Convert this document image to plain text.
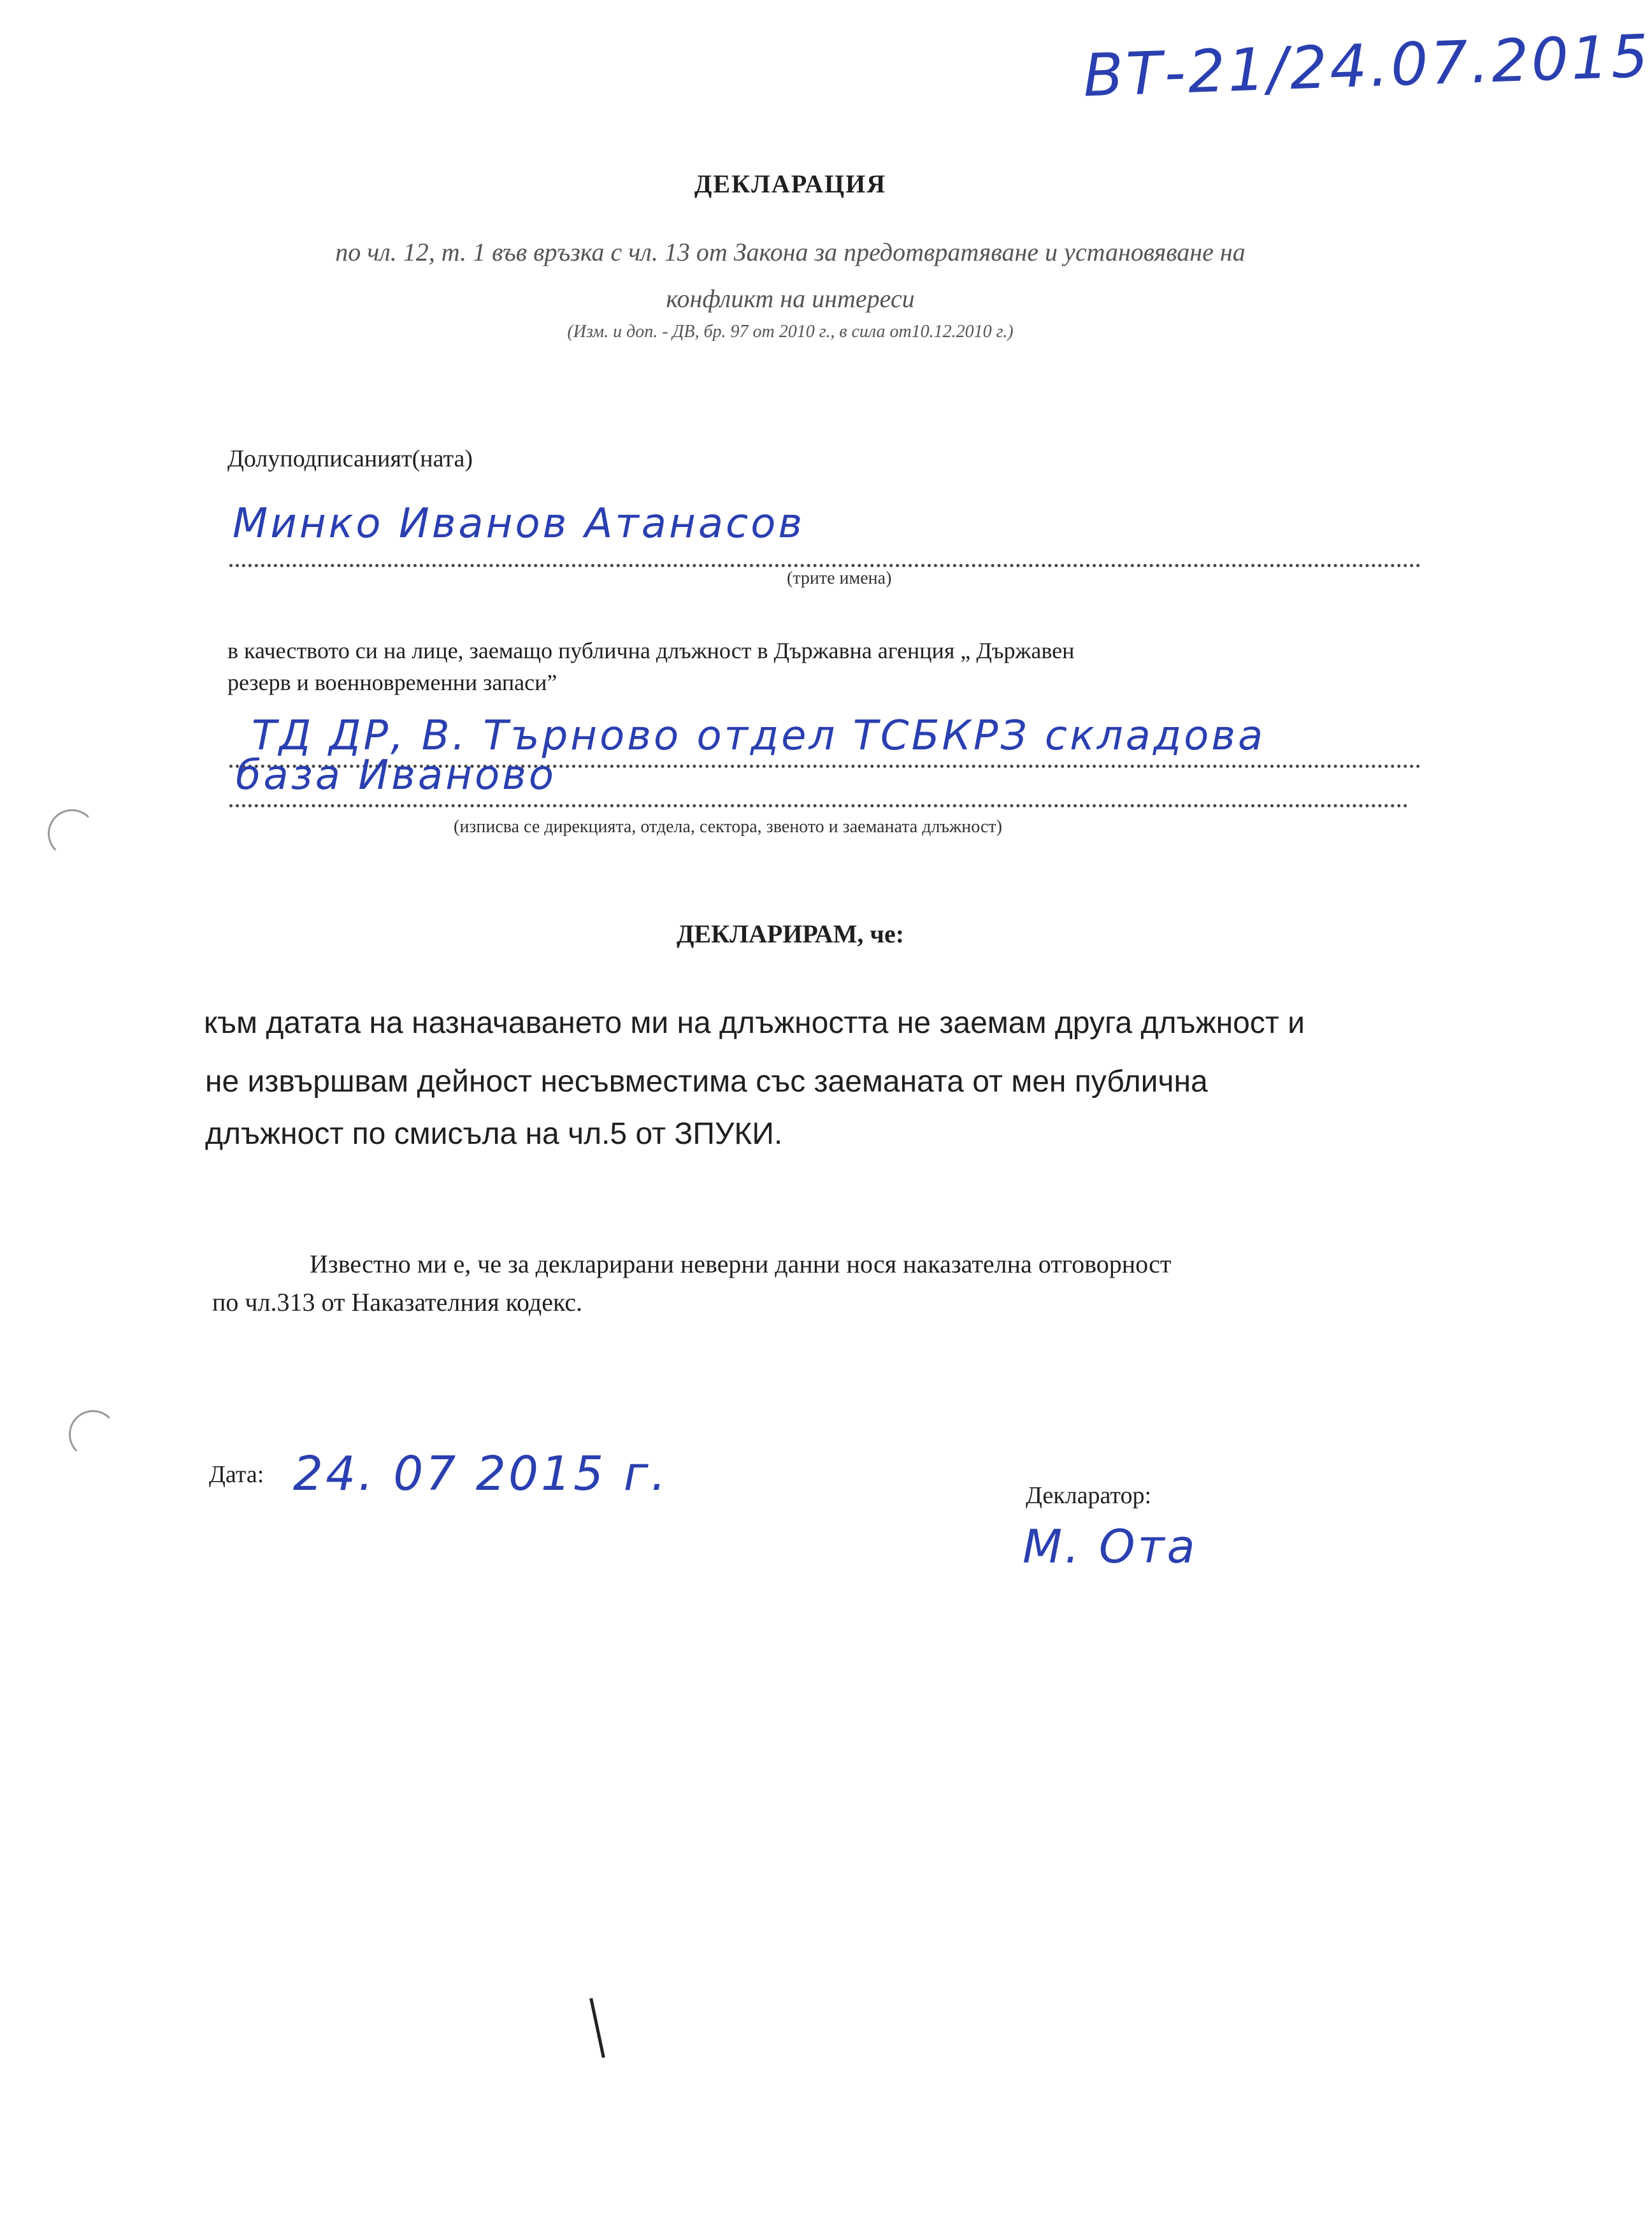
ВТ-21/24.07.2015
ДЕКЛАРАЦИЯ
по чл. 12, т. 1 във връзка с чл. 13 от Закона за предотвратяване и установяване на
конфликт на интереси
(Изм. и доп. - ДВ, бр. 97 от 2010 г., в сила от10.12.2010 г.)
Долуподписаният(ната)
Минко Иванов Атанасов
(трите имена)
в качеството си на лице, заемащо публична длъжност в Държавна агенция „ Държавен
резерв и военновременни запаси”
ТД ДР, В. Търново отдел ТСБКРЗ складова
база Иваново
(изписва се дирекцията, отдела, сектора, звеното и заеманата длъжност)
ДЕКЛАРИРАМ, че:
към датата на назначаването ми на длъжността не заемам друга длъжност и
не извършвам дейност несъвместима със заеманата от мен публична
длъжност по смисъла на чл.5 от ЗПУКИ.
Известно ми е, че за декларирани неверни данни нося наказателна отговорност
по чл.313 от Наказателния кодекс.
Дата: 24. 07 2015 г.	Декларатор:
М. Ота
